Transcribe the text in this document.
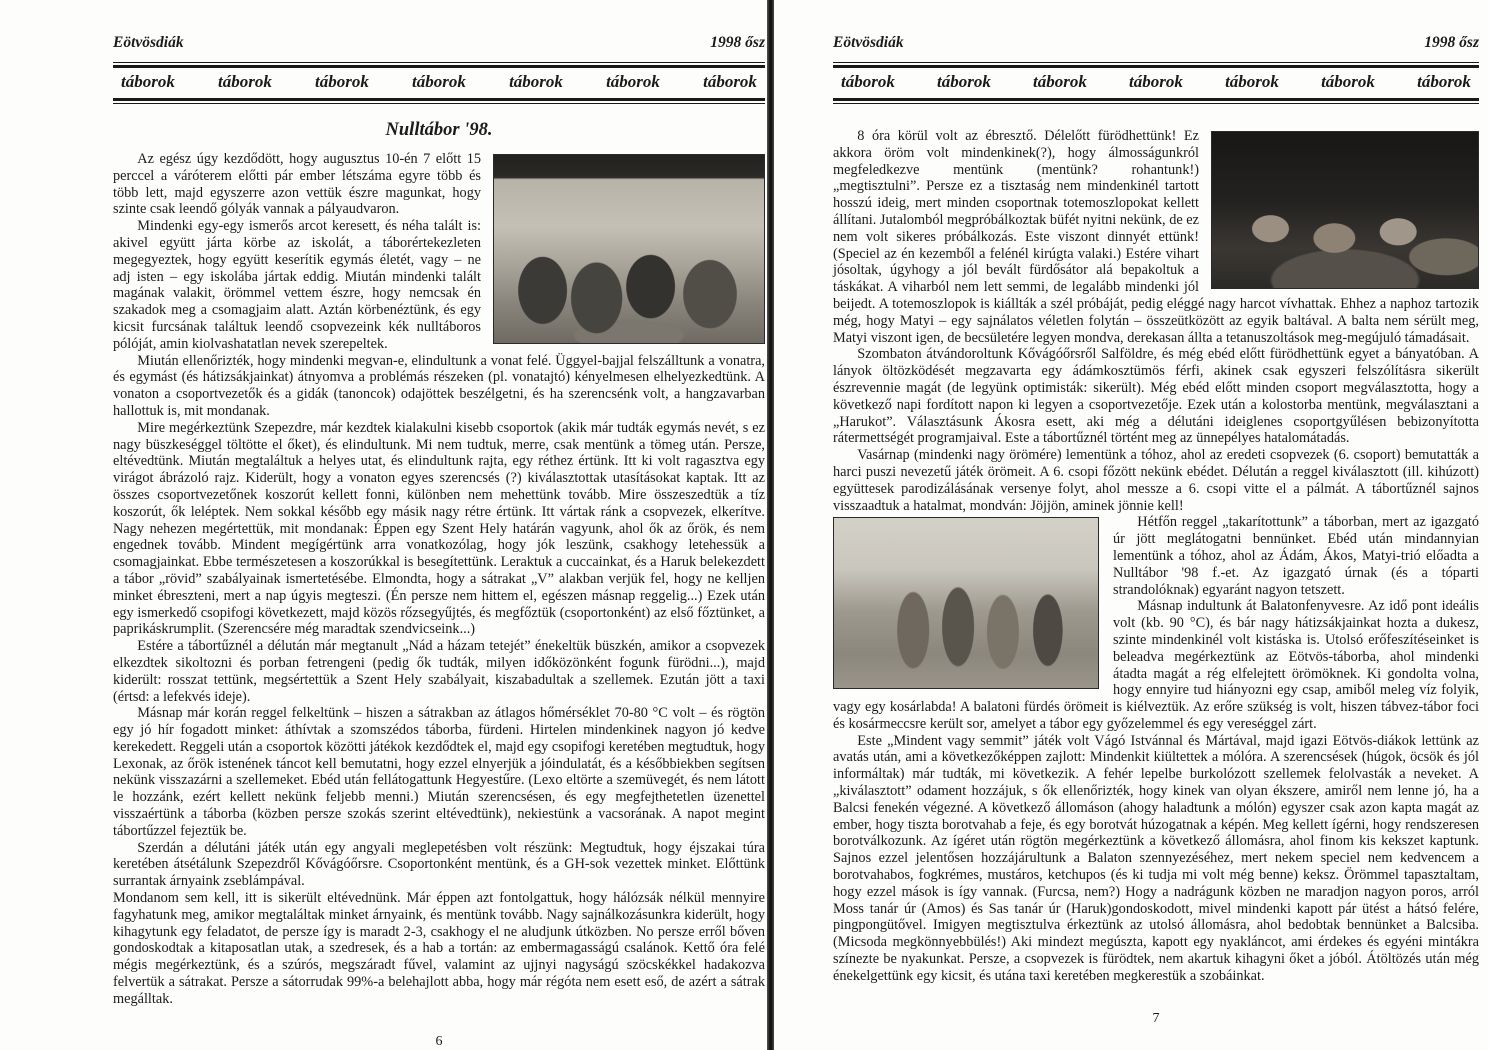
Eötvösdiák	1998 ősz
táborok	táborok	táborok	táborok	táborok	táborok	táborok
Nulltábor '98.

Az egész úgy kezdődött, hogy augusztus 10-én 7 előtt 15 perccel a váróterem előtti pár ember létszáma egyre több és több lett, majd egyszerre azon vettük észre magunkat, hogy szinte csak leendő gólyák vannak a pályaudvaron.

Mindenki egy-egy ismerős arcot keresett, és néha talált is: akivel együtt járta körbe az iskolát, a táborértekezleten megegyeztek, hogy együtt keserítik egymás életét, vagy – ne adj isten – egy iskolába jártak eddig. Miután mindenki talált magának valakit, örömmel vettem észre, hogy nemcsak én szakadok meg a csomagjaim alatt. Aztán körbenéztünk, és egy kicsit furcsának találtuk leendő csopvezeink kék nulltáboros pólóját, amin kiolvashatatlan nevek szerepeltek.

Miután ellenőrizték, hogy mindenki megvan-e, elindultunk a vonat felé. Üggyel-bajjal felszálltunk a vonatra, és egymást (és hátizsákjainkat) átnyomva a problémás részeken (pl. vonatajtó) kényelmesen elhelyezkedtünk. A vonaton a csoportvezetők és a gidák (tanoncok) odajöttek beszélgetni, és ha szerencsénk volt, a hangzavarban hallottuk is, mit mondanak.

Mire megérkeztünk Szepezdre, már kezdtek kialakulni kisebb csoportok (akik már tudták egymás nevét, s ez nagy büszkeséggel töltötte el őket), és elindultunk. Mi nem tudtuk, merre, csak mentünk a tömeg után. Persze, eltévedtünk. Miután megtaláltuk a helyes utat, és elindultunk rajta, egy réthez értünk. Itt ki volt ragasztva egy virágot ábrázoló rajz. Kiderült, hogy a vonaton egyes szerencsés (?) kiválasztottak utasításokat kaptak. Itt az összes csoportvezetőnek koszorút kellett fonni, különben nem mehettünk tovább. Mire összeszedtük a tíz koszorút, ők leléptek. Nem sokkal később egy másik nagy rétre értünk. Itt vártak ránk a csopvezek, elkerítve. Nagy nehezen megértettük, mit mondanak: Éppen egy Szent Hely határán vagyunk, ahol ők az őrök, és nem engednek tovább. Mindent megígértünk arra vonatkozólag, hogy jók leszünk, csakhogy letehessük a csomagjainkat. Ebbe természetesen a koszorúkkal is besegítettünk. Leraktuk a cuccainkat, és a Haruk belekezdett a tábor „rövid” szabályainak ismertetésébe. Elmondta, hogy a sátrakat „V” alakban verjük fel, hogy ne kelljen minket ébreszteni, mert a nap úgyis megteszi. (Én persze nem hittem el, egészen másnap reggelig...) Ezek után egy ismerkedő csopifogi következett, majd közös rőzsegyűjtés, és megfőztük (csoportonként) az első főztünket, a paprikáskrumplit. (Szerencsére még maradtak szendvicseink...)

Estére a tábortűznél a délután már megtanult „Nád a házam tetejét” énekeltük büszkén, amikor a csopvezek elkezdtek sikoltozni és porban fetrengeni (pedig ők tudták, milyen időközönként fogunk fürödni...), majd kiderült: rosszat tettünk, megsértettük a Szent Hely szabályait, kiszabadultak a szellemek. Ezután jött a taxi (értsd: a lefekvés ideje).

Másnap már korán reggel felkeltünk – hiszen a sátrakban az átlagos hőmérséklet 70-80 °C volt – és rögtön egy jó hír fogadott minket: áthívtak a szomszédos táborba, fürdeni. Hirtelen mindenkinek nagyon jó kedve kerekedett. Reggeli után a csoportok közötti játékok kezdődtek el, majd egy csopifogi keretében megtudtuk, hogy Lexonak, az őrök istenének táncot kell bemutatni, hogy ezzel elnyerjük a jóindulatát, és a későbbiekben segítsen nekünk visszazárni a szellemeket. Ebéd után fellátogattunk Hegyestűre. (Lexo eltörte a szemüvegét, és nem látott le hozzánk, ezért kellett nekünk feljebb menni.) Miután szerencsésen, és egy megfejthetetlen üzenettel visszaértünk a táborba (közben persze szokás szerint eltévedtünk), nekiestünk a vacsorának. A napot megint tábortűzzel fejeztük be.

Szerdán a délutáni játék után egy angyali meglepetésben volt részünk: Megtudtuk, hogy éjszakai túra keretében átsétálunk Szepezdről Kővágóőrsre. Csoportonként mentünk, és a GH-sok vezettek minket. Előttünk surrantak árnyaink zseblámpával.

Mondanom sem kell, itt is sikerült eltévednünk. Már éppen azt fontolgattuk, hogy hálózsák nélkül mennyire fagyhatunk meg, amikor megtaláltak minket árnyaink, és mentünk tovább. Nagy sajnálkozásunkra kiderült, hogy kihagytunk egy feladatot, de persze így is maradt 2-3, csakhogy el ne aludjunk útközben. No persze erről bőven gondoskodtak a kitaposatlan utak, a szedresek, és a hab a tortán: az embermagasságú csalánok. Kettő óra felé mégis megérkeztünk, és a szúrós, megszáradt fűvel, valamint az ujjnyi nagyságú szöcskékkel hadakozva felvertük a sátrakat. Persze a sátorrudak 99%-a belehajlott abba, hogy már régóta nem esett eső, de azért a sátrak megálltak.

6
Eötvösdiák	1998 ősz
táborok táborok táborok táborok táborok táborok táborok

8 óra körül volt az ébresztő. Délelőtt fürödhettünk! Ez akkora öröm volt mindenkinek(?), hogy álmosságunkról megfeledkezve mentünk (mentünk? rohantunk!) „megtisztulni”. Persze ez a tisztaság nem mindenkinél tartott hosszú ideig, mert minden csoportnak totemoszlopokat kellett állítani. Jutalomból megpróbálkoztak büfét nyitni nekünk, de ez nem volt sikeres próbálkozás. Este viszont dinnyét ettünk! (Speciel az én kezemből a felénél kirúgta valaki.) Estére vihart jósoltak, úgyhogy a jól bevált fürdősátor alá bepakoltuk a táskákat. A viharból nem lett semmi, de legalább mindenki jól beijedt. A totemoszlopok is kiállták a szél próbáját, pedig eléggé nagy harcot vívhattak. Ehhez a naphoz tartozik még, hogy Matyi – egy sajnálatos véletlen folytán – összeütközött az egyik baltával. A balta nem sérült meg, Matyi viszont igen, de becsületére legyen mondva, derekasan állta a tetanuszoltások meg-megújuló támadásait.

Szombaton átvándoroltunk Kővágóőrsről Salföldre, és még ebéd előtt fürödhettünk egyet a bányatóban. A lányok öltözködését megzavarta egy ádámkosztümös férfi, akinek csak egyszeri felszólításra sikerült észrevennie magát (de legyünk optimisták: sikerült). Még ebéd előtt minden csoport megválasztotta, hogy a következő napi fordított napon ki legyen a csoportvezetője. Ezek után a kolostorba mentünk, megválasztani a „Harukot”. Választásunk Ákosra esett, aki még a délutáni ideiglenes csoportgyűlésen bebizonyította rátermettségét programjaival. Este a tábortűznél történt meg az ünnepélyes hatalomátadás.

Vasárnap (mindenki nagy örömére) lementünk a tóhoz, ahol az eredeti csopvezek (6. csoport) bemutatták a harci puszi nevezetű játék örömeit. A 6. csopi főzött nekünk ebédet. Délután a reggel kiválasztott (ill. kihúzott) együttesek parodizálásának versenye folyt, ahol messze a 6. csopi vitte el a pálmát. A tábortűznél sajnos visszaadtuk a hatalmat, mondván: Jöjjön, aminek jönnie kell!

Hétfőn reggel „takarítottunk” a táborban, mert az igazgató úr jött meglátogatni bennünket. Ebéd után mindannyian lementünk a tóhoz, ahol az Ádám, Ákos, Matyi-trió előadta a Nulltábor '98 f.-et. Az igazgató úrnak (és a tóparti strandolóknak) egyaránt nagyon tetszett.

Másnap indultunk át Balatonfenyvesre. Az idő pont ideális volt (kb. 90 °C), és bár nagy hátizsákjainkat hozta a dukesz, szinte mindenkinél volt kistáska is. Utolsó erőfeszítéseinket is beleadva megérkeztünk az Eötvös-táborba, ahol mindenki átadta magát a rég elfelejtett örömöknek. Ki gondolta volna, hogy ennyire tud hiányozni egy csap, amiből meleg víz folyik, vagy egy kosárlabda! A balatoni fürdés örömeit is kiélveztük. Az erőre szükség is volt, hiszen tábvez-tábor foci és kosármeccsre került sor, amelyet a tábor egy győzelemmel és egy vereséggel zárt.

Este „Mindent vagy semmit” játék volt Vágó Istvánnal és Mártával, majd igazi Eötvös-diákok lettünk az avatás után, ami a következőképpen zajlott: Mindenkit kiültettek a mólóra. A szerencsések (húgok, öcsök és jól informáltak) már tudták, mi következik. A fehér lepelbe burkolózott szellemek felolvasták a neveket. A „kiválasztott” odament hozzájuk, s ők ellenőrizték, hogy kinek van olyan ékszere, amiről nem lenne jó, ha a Balcsi fenekén végezné. A következő állomáson (ahogy haladtunk a mólón) egyszer csak azon kapta magát az ember, hogy tiszta borotvahab a feje, és egy borotvát húzogatnak a képén. Meg kellett ígérni, hogy rendszeresen borotválkozunk. Az ígéret után rögtön megérkeztünk a következő állomásra, ahol finom kis kekszet kaptunk. Sajnos ezzel jelentősen hozzájárultunk a Balaton szennyezéséhez, mert nekem speciel nem kedvencem a borotvahabos, fogkrémes, mustáros, ketchupos (és ki tudja mi volt még benne) keksz. Örömmel tapasztaltam, hogy ezzel mások is így vannak. (Furcsa, nem?) Hogy a nadrágunk közben ne maradjon nagyon poros, arról Moss tanár úr (Amos) és Sas tanár úr (Haruk)gondoskodott, mivel mindenki kapott pár ütést a hátsó felére, pingpongütővel. Imigyen megtisztulva érkeztünk az utolsó állomásra, ahol bedobtak bennünket a Balcsiba. (Micsoda megkönnyebbülés!) Aki mindezt megúszta, kapott egy nyakláncot, ami érdekes és egyéni mintákra színezte be nyakunkat. Persze, a csopvezek is fürödtek, nem akartuk kihagyni őket a jóból. Átöltözés után még énekelgettünk egy kicsit, és utána taxi keretében megkerestük a szobáinkat.

7
